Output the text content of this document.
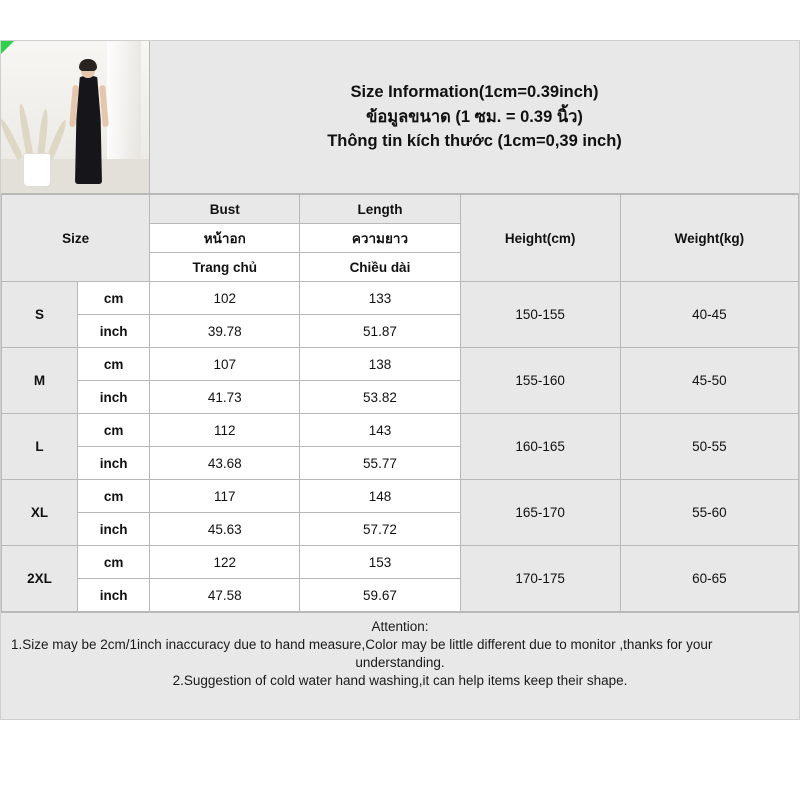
Size Information(1cm=0.39inch)
ข้อมูลขนาด (1 ซม. = 0.39 นิ้ว)
Thông tin kích thước (1cm=0,39 inch)
Size		Bust	Length	Height(cm)	Weight(kg)
		หน้าอก	ความยาว		
		Trang chủ	Chiều dài		
S	cm	102	133	150-155	40-45
	inch	39.78	51.87		
M	cm	107	138	155-160	45-50
	inch	41.73	53.82		
L	cm	112	143	160-165	50-55
	inch	43.68	55.77		
XL	cm	117	148	165-170	55-60
	inch	45.63	57.72		
2XL	cm	122	153	170-175	60-65
	inch	47.58	59.67		
Attention:
1.Size may be 2cm/1inch inaccuracy due to hand measure,Color may be little different due to monitor ,thanks for your
understanding.
2.Suggestion of cold water hand washing,it can help items keep their shape.
